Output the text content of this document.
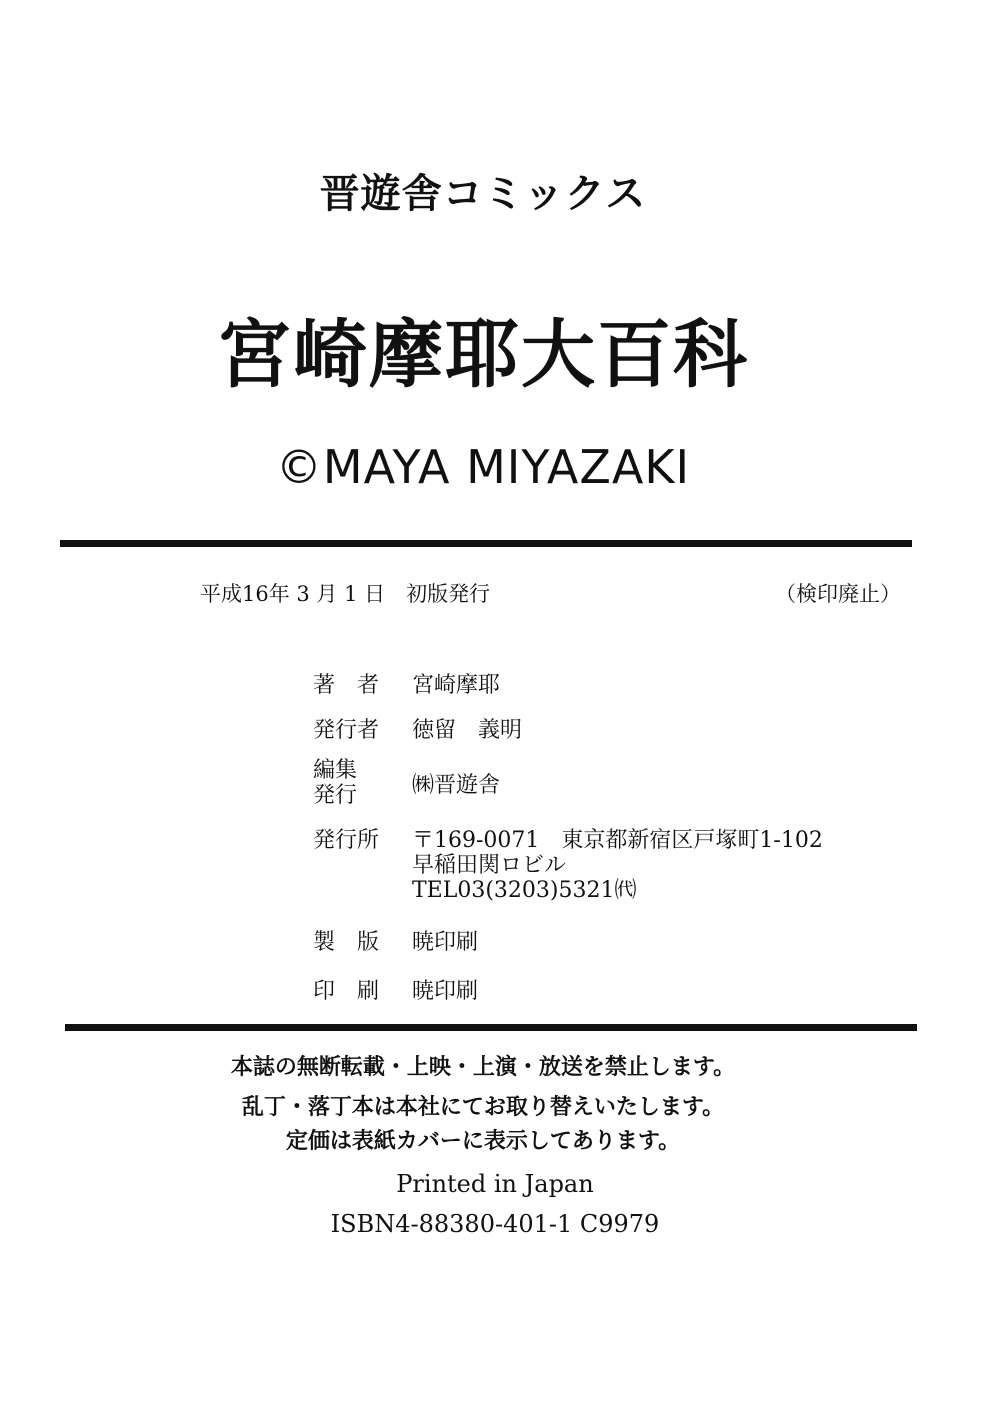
晋遊舎コミックス
宮崎摩耶大百科
©MAYA MIYAZAKI
平成16年 3 月 1 日　初版発行	（検印廃止）
著　者 宮崎摩耶
発行者 徳留　義明
編集
発行 ㈱晋遊舎
発行所 〒169-0071　東京都新宿区戸塚町1-102
早稲田関ロビル
TEL03(3203)5321㈹
製　版 暁印刷
印　刷 暁印刷
本誌の無断転載・上映・上演・放送を禁止します。
乱丁・落丁本は本社にてお取り替えいたします。
定価は表紙カバーに表示してあります。
Printed in Japan
ISBN4-88380-401-1 C9979
